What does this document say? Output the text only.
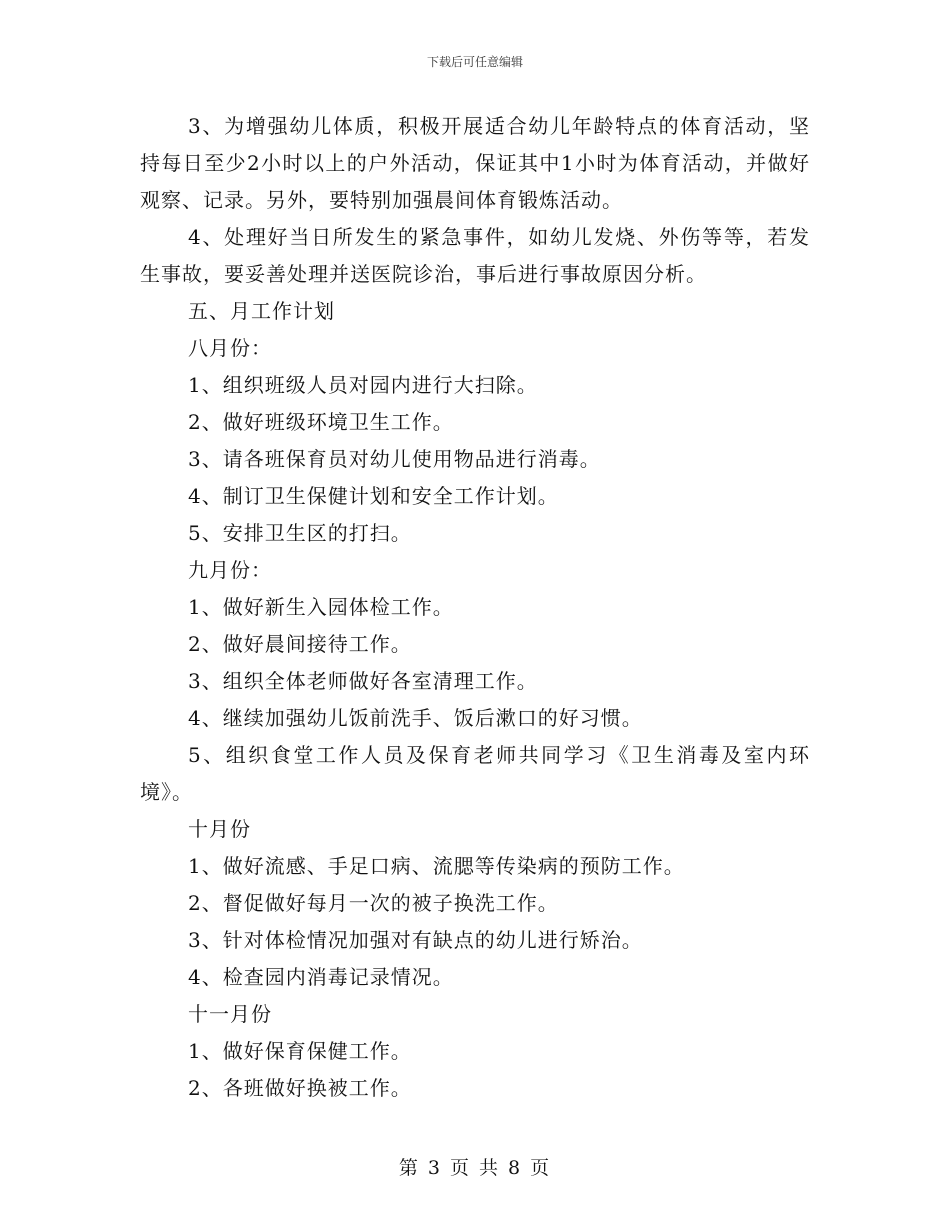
下载后可任意编辑

3、为增强幼儿体质，积极开展适合幼儿年龄特点的体育活动，坚持每日至少2小时以上的户外活动，保证其中1小时为体育活动，并做好观察、记录。另外，要特别加强晨间体育锻炼活动。

4、处理好当日所发生的紧急事件，如幼儿发烧、外伤等等，若发生事故，要妥善处理并送医院诊治，事后进行事故原因分析。

五、月工作计划

八月份：

1、组织班级人员对园内进行大扫除。

2、做好班级环境卫生工作。

3、请各班保育员对幼儿使用物品进行消毒。

4、制订卫生保健计划和安全工作计划。

5、安排卫生区的打扫。

九月份：

1、做好新生入园体检工作。

2、做好晨间接待工作。

3、组织全体老师做好各室清理工作。

4、继续加强幼儿饭前洗手、饭后漱口的好习惯。

5、组织食堂工作人员及保育老师共同学习《卫生消毒及室内环境》。

十月份

1、做好流感、手足口病、流腮等传染病的预防工作。

2、督促做好每月一次的被子换洗工作。

3、针对体检情况加强对有缺点的幼儿进行矫治。

4、检查园内消毒记录情况。

十一月份

1、做好保育保健工作。

2、各班做好换被工作。

第 3 页 共 8 页
